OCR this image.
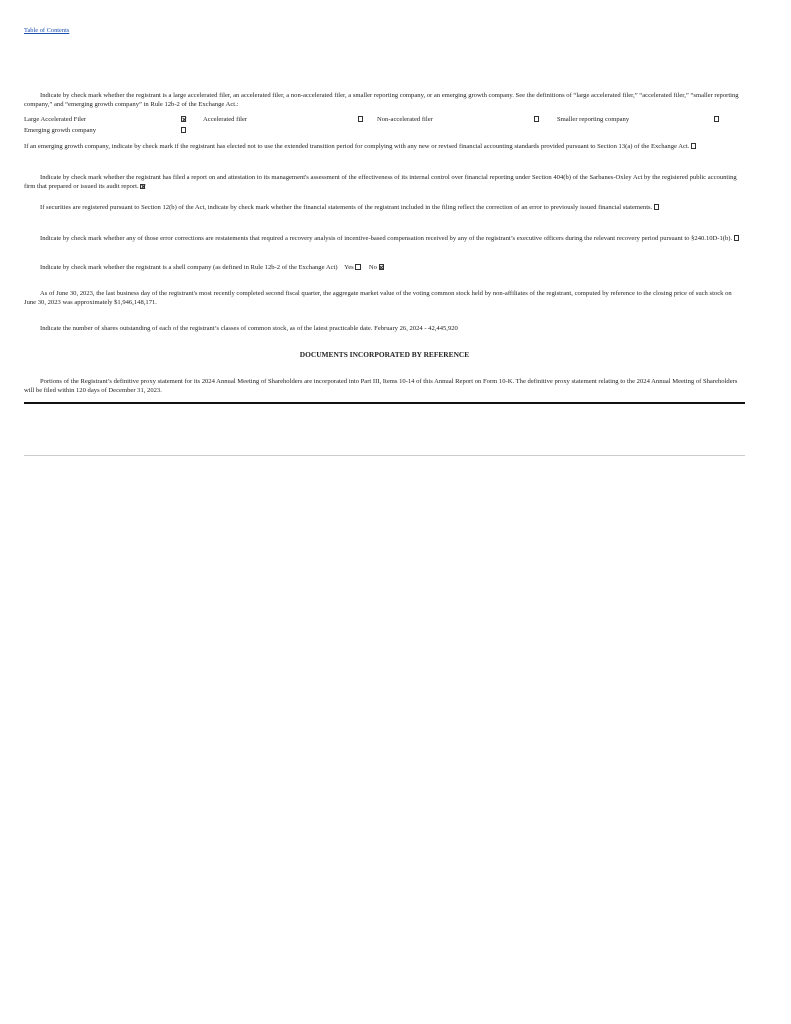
Table of Contents

Indicate by check mark whether the registrant is a large accelerated filer, an accelerated filer, a non-accelerated filer, a smaller reporting company, or an emerging growth company. See the definitions of “large accelerated filer,” “accelerated filer,” “smaller reporting company,” and “emerging growth company” in Rule 12b-2 of the Exchange Act.:

Large Accelerated Filer	Accelerated filer	Non-accelerated filer	Smaller reporting company
Emerging growth company

If an emerging growth company, indicate by check mark if the registrant has elected not to use the extended transition period for complying with any new or revised financial accounting standards provided pursuant to Section 13(a) of the Exchange Act.

Indicate by check mark whether the registrant has filed a report on and attestation to its management's assessment of the effectiveness of its internal control over financial reporting under Section 404(b) of the Sarbanes-Oxley Act by the registered public accounting firm that prepared or issued its audit report.

If securities are registered pursuant to Section 12(b) of the Act, indicate by check mark whether the financial statements of the registrant included in the filing reflect the correction of an error to previously issued financial statements.

Indicate by check mark whether any of those error corrections are restatements that required a recovery analysis of incentive-based compensation received by any of the registrant’s executive officers during the relevant recovery period pursuant to §240.10D-1(b).

Indicate by check mark whether the registrant is a shell company (as defined in Rule 12b-2 of the Exchange Act) Yes No

As of June 30, 2023, the last business day of the registrant's most recently completed second fiscal quarter, the aggregate market value of the voting common stock held by non-affiliates of the registrant, computed by reference to the closing price of such stock on June 30, 2023 was approximately $1,946,148,171.

Indicate the number of shares outstanding of each of the registrant’s classes of common stock, as of the latest practicable date. February 26, 2024 - 42,445,920

DOCUMENTS INCORPORATED BY REFERENCE

Portions of the Registrant’s definitive proxy statement for its 2024 Annual Meeting of Shareholders are incorporated into Part III, Items 10-14 of this Annual Report on Form 10-K. The definitive proxy statement relating to the 2024 Annual Meeting of Shareholders will be filed within 120 days of December 31, 2023.
